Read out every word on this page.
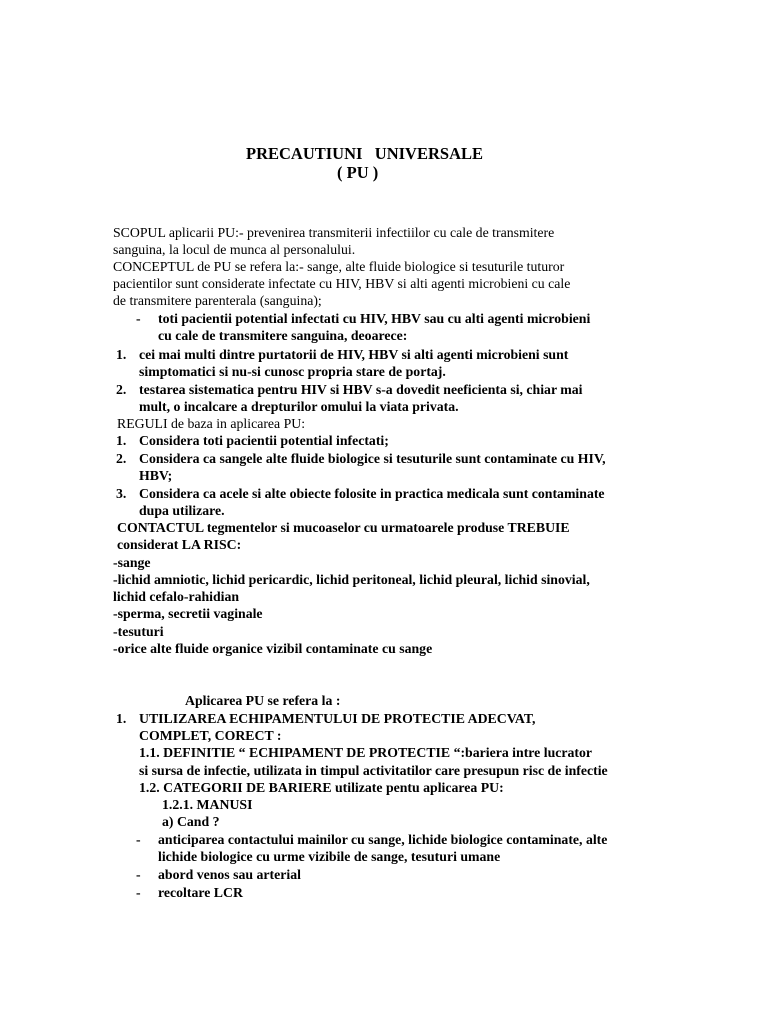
PRECAUTIUNI   UNIVERSALE
( PU )
SCOPUL aplicarii PU:- prevenirea transmiterii infectiilor cu cale de transmitere
sanguina, la locul de munca al personalului.
CONCEPTUL de PU se refera la:- sange, alte fluide biologice si tesuturile tuturor
pacientilor sunt considerate infectate cu HIV, HBV si alti agenti microbieni cu cale
de transmitere parenterala (sanguina);
- toti pacientii potential infectati cu HIV, HBV sau cu alti agenti microbieni
cu cale de transmitere sanguina, deoarece:
1. cei mai multi dintre purtatorii de HIV, HBV si alti agenti microbieni sunt
simptomatici si nu-si cunosc propria stare de portaj.
2. testarea sistematica pentru HIV si HBV s-a dovedit neeficienta si, chiar mai
mult, o incalcare a drepturilor omului la viata privata.
REGULI de baza in aplicarea PU:
1. Considera toti pacientii potential infectati;
2. Considera ca sangele alte fluide biologice si tesuturile sunt contaminate cu HIV,
HBV;
3. Considera ca acele si alte obiecte folosite in practica medicala sunt contaminate
dupa utilizare.
CONTACTUL tegmentelor si mucoaselor cu urmatoarele produse TREBUIE
considerat LA RISC:
-sange
-lichid amniotic, lichid pericardic, lichid peritoneal, lichid pleural, lichid sinovial,
lichid cefalo-rahidian
-sperma, secretii vaginale
-tesuturi
-orice alte fluide organice vizibil contaminate cu sange
Aplicarea PU se refera la :
1. UTILIZAREA ECHIPAMENTULUI DE PROTECTIE ADECVAT,
COMPLET, CORECT :
1.1. DEFINITIE “ ECHIPAMENT DE PROTECTIE “:bariera intre lucrator
si sursa de infectie, utilizata in timpul activitatilor care presupun risc de infectie
1.2. CATEGORII DE BARIERE utilizate pentu aplicarea PU:
1.2.1. MANUSI
a) Cand ?
- anticiparea contactului mainilor cu sange, lichide biologice contaminate, alte
lichide biologice cu urme vizibile de sange, tesuturi umane
- abord venos sau arterial
- recoltare LCR
